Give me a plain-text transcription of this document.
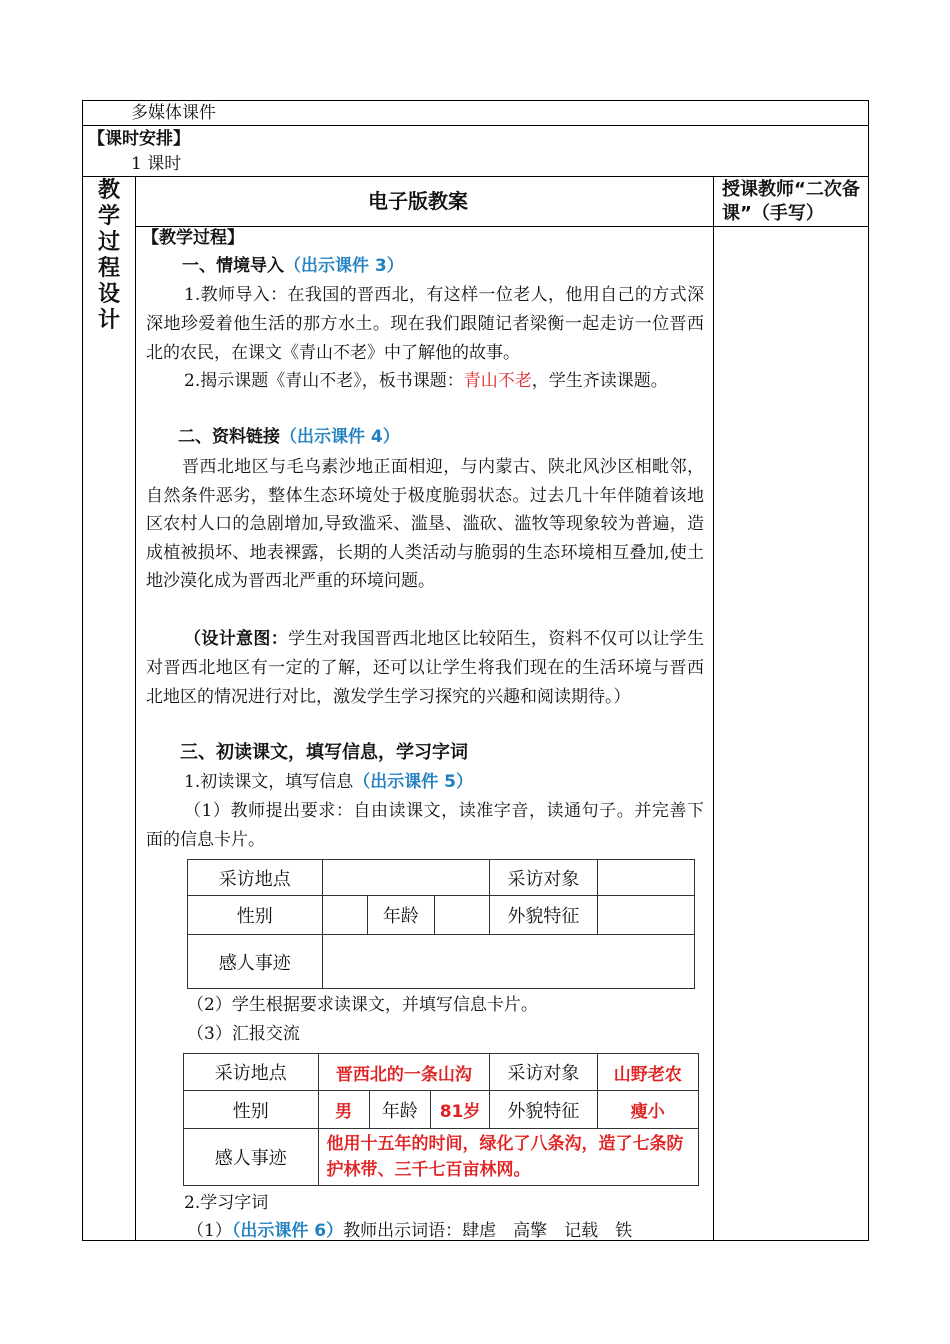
多媒体课件
【课时安排】
1 课时
教学过程设计
电子版教案	授课教师“二次备课”（手写）
【教学过程】
一、情境导入（出示课件 3）
1.教师导入：在我国的晋西北，有这样一位老人，他用自己的方式深深地珍爱着他生活的那方水土。现在我们跟随记者梁衡一起走访一位晋西北的农民，在课文《青山不老》中了解他的故事。
2.揭示课题《青山不老》，板书课题：青山不老，学生齐读课题。
二、资料链接（出示课件 4）
晋西北地区与毛乌素沙地正面相迎，与内蒙古、陕北风沙区相毗邻，自然条件恶劣，整体生态环境处于极度脆弱状态。过去几十年伴随着该地区农村人口的急剧增加,导致滥采、滥垦、滥砍、滥牧等现象较为普遍，造成植被损坏、地表裸露，长期的人类活动与脆弱的生态环境相互叠加,使土地沙漠化成为晋西北严重的环境问题。
（设计意图：学生对我国晋西北地区比较陌生，资料不仅可以让学生对晋西北地区有一定的了解，还可以让学生将我们现在的生活环境与晋西北地区的情况进行对比，激发学生学习探究的兴趣和阅读期待。）
三、初读课文，填写信息，学习字词
1.初读课文，填写信息（出示课件 5）
（1）教师提出要求：自由读课文，读准字音，读通句子。并完善下面的信息卡片。
采访地点				采访对象	
性别		年龄		外貌特征	
感人事迹					
（2）学生根据要求读课文，并填写信息卡片。
（3）汇报交流
采访地点	晋西北的一条山沟			采访对象	山野老农
性别	男	年龄	81岁	外貌特征	瘦小
感人事迹	他用十五年的时间，绿化了八条沟，造了七条防护林带、三千七百亩林网。				
2.学习字词
（1）（出示课件 6）教师出示词语：肆虐　高擎　记载　铁
